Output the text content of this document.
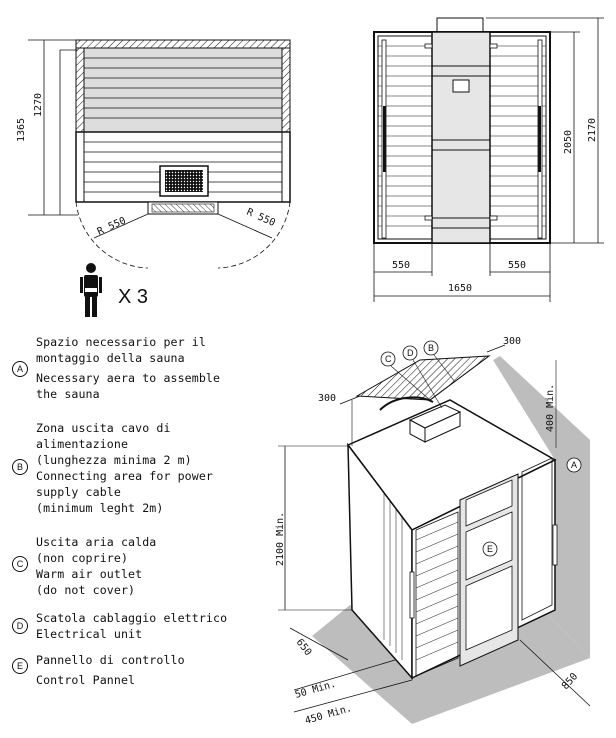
1365
1270
R 550	R 550
X 3
2050 2170
550	550
1650
300
300
400 Min.
2100 Min.
650
50 Min.
450 Min.
850
C
D B
A
E
A
Spazio necessario per il
montaggio della sauna
Necessary aera to assemble
the sauna
B
Zona uscita cavo di
alimentazione
(lunghezza minima 2 m)
Connecting area for power
supply cable
(minimum leght 2m)
C
Uscita aria calda
(non coprire)
Warm air outlet
(do not cover)
D
Scatola cablaggio elettrico
Electrical unit
E	Pannello di controllo
Control Pannel
